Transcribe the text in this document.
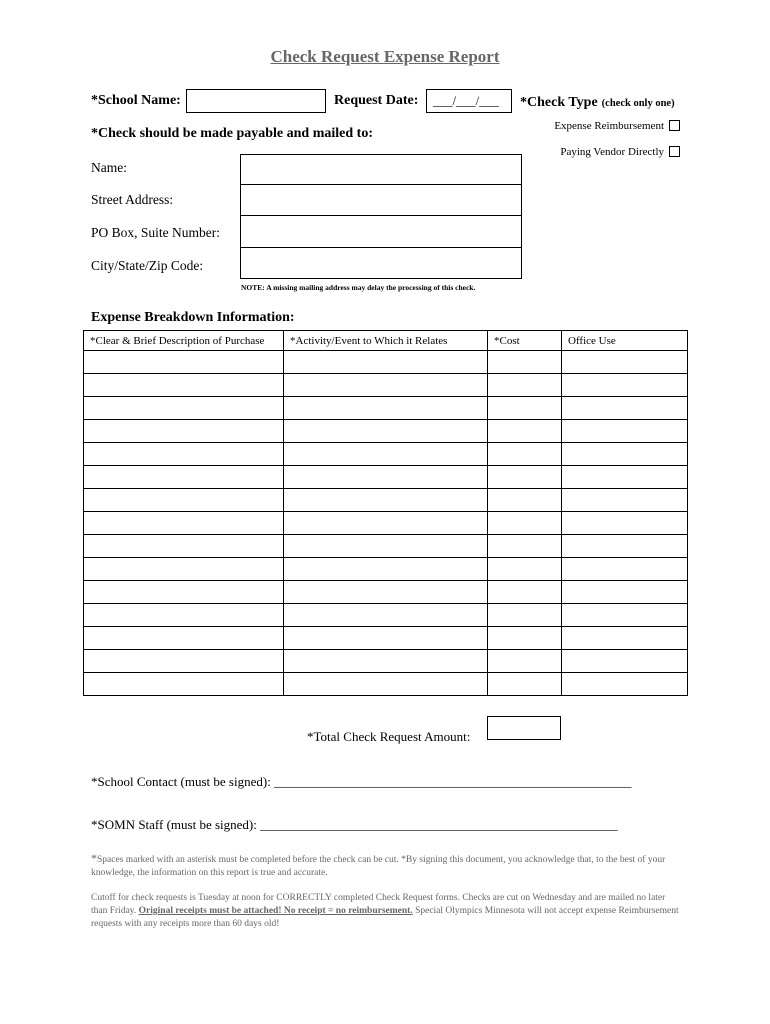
Check Request Expense Report
*School Name:	Request Date:	___/___/___	*Check Type (check only one)
Expense Reimbursement
Paying Vendor Directly
*Check should be made payable and mailed to:
Name:
Street Address:
PO Box, Suite Number:
City/State/Zip Code:
NOTE: A missing mailing address may delay the processing of this check.
Expense Breakdown Information:
*Clear & Brief Description of Purchase	*Activity/Event to Which it Relates	*Cost	Office Use

*Total Check Request Amount:
*School Contact (must be signed): _______________________________________________________
*SOMN Staff (must be signed): _______________________________________________________
*Spaces marked with an asterisk must be completed before the check can be cut. *By signing this document, you acknowledge that, to the best of your knowledge, the information on this report is true and accurate.
Cutoff for check requests is Tuesday at noon for CORRECTLY completed Check Request forms. Checks are cut on Wednesday and are mailed no later than Friday. Original receipts must be attached! No receipt = no reimbursement. Special Olympics Minnesota will not accept expense Reimbursement requests with any receipts more than 60 days old!
